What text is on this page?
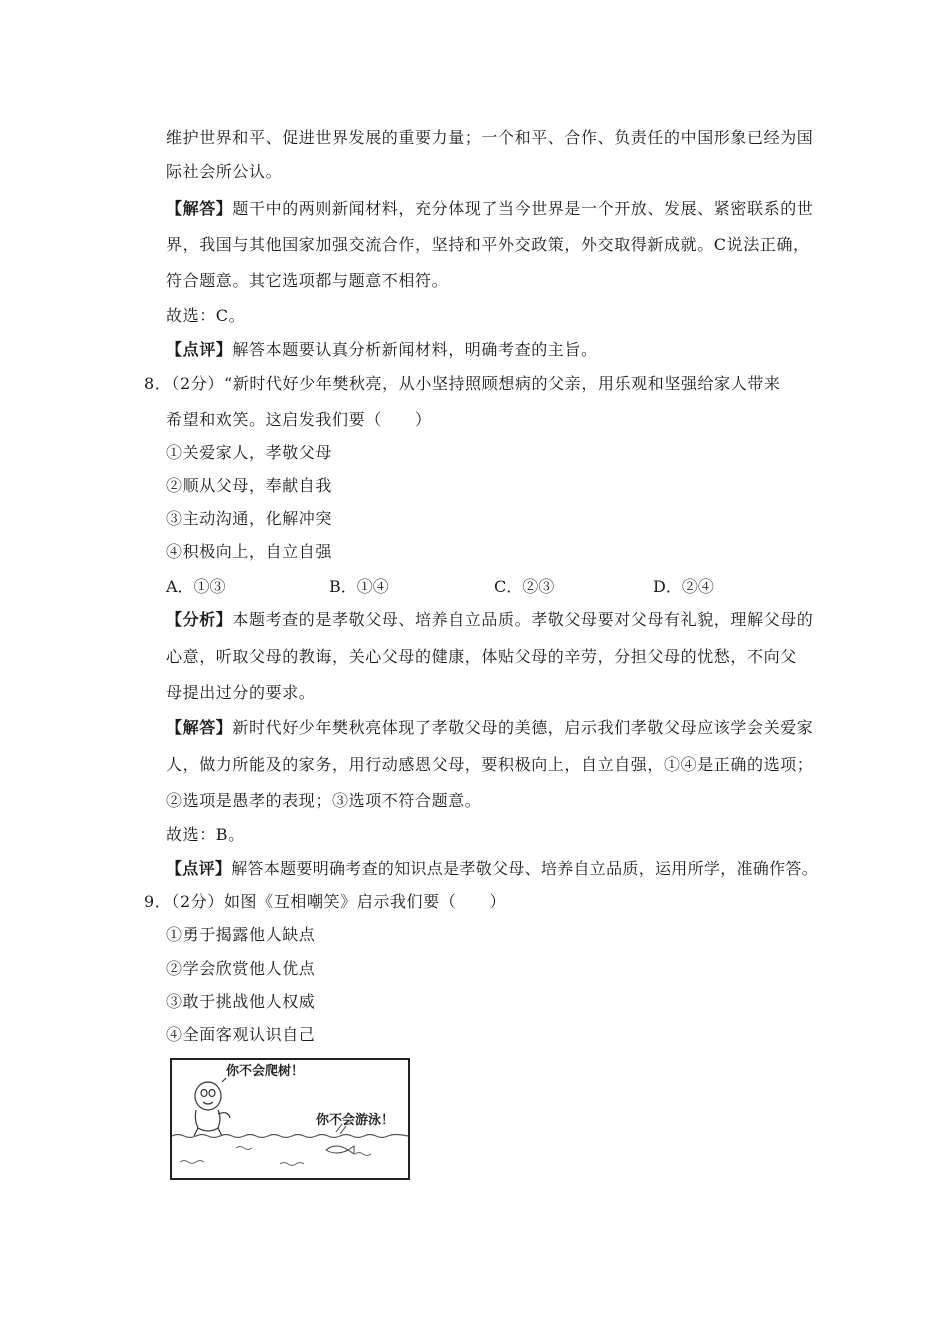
维护世界和平、促进世界发展的重要力量；一个和平、合作、负责任的中国形象已经为国
际社会所公认。
【解答】题干中的两则新闻材料，充分体现了当今世界是一个开放、发展、紧密联系的世
界，我国与其他国家加强交流合作，坚持和平外交政策，外交取得新成就。C说法正确，
符合题意。其它选项都与题意不相符。
故选：C。
【点评】解答本题要认真分析新闻材料，明确考查的主旨。
8．（2分）“新时代好少年樊秋亮，从小坚持照顾想病的父亲，用乐观和坚强给家人带来
希望和欢笑。这启发我们要（　　）
①关爱家人，孝敬父母
②顺从父母，奉献自我
③主动沟通，化解冲突
④积极向上，自立自强
A．①③	B．①④	C．②③	D．②④
【分析】本题考查的是孝敬父母、培养自立品质。孝敬父母要对父母有礼貌，理解父母的
心意，听取父母的教诲，关心父母的健康，体贴父母的辛劳，分担父母的忧愁，不向父
母提出过分的要求。
【解答】新时代好少年樊秋亮体现了孝敬父母的美德，启示我们孝敬父母应该学会关爱家
人，做力所能及的家务，用行动感恩父母，要积极向上，自立自强，①④是正确的选项；
②选项是愚孝的表现；③选项不符合题意。
故选：B。
【点评】解答本题要明确考查的知识点是孝敬父母、培养自立品质，运用所学，准确作答。
9．（2分）如图《互相嘲笑》启示我们要（　　）
①勇于揭露他人缺点
②学会欣赏他人优点
③敢于挑战他人权威
④全面客观认识自己
你不会爬树！
你不会游泳！
